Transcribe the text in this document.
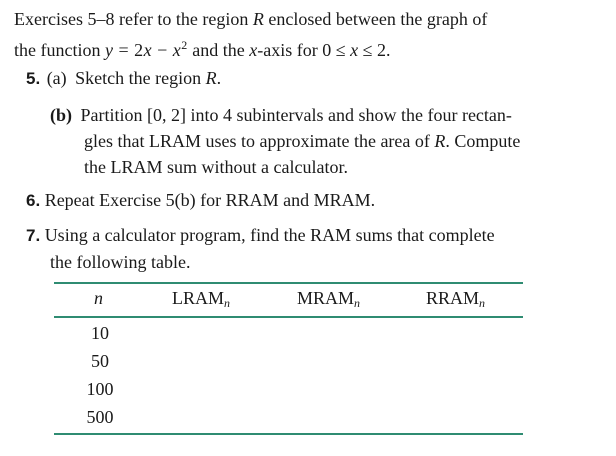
Exercises 5–8 refer to the region R enclosed between the graph of
the function $y = 2x - x^2$ and the x-axis for 0 ≤ x ≤ 2.
5. (a) Sketch the region R.
(b) Partition [0, 2] into 4 subintervals and show the four rectan-
gles that LRAM uses to approximate the area of R. Compute
the LRAM sum without a calculator.
6. Repeat Exercise 5(b) for RRAM and MRAM.
7. Using a calculator program, find the RAM sums that complete
the following table.
n	$LRAM_n$	$MRAM_n$	$RRAM_n$
10
50
100
500
